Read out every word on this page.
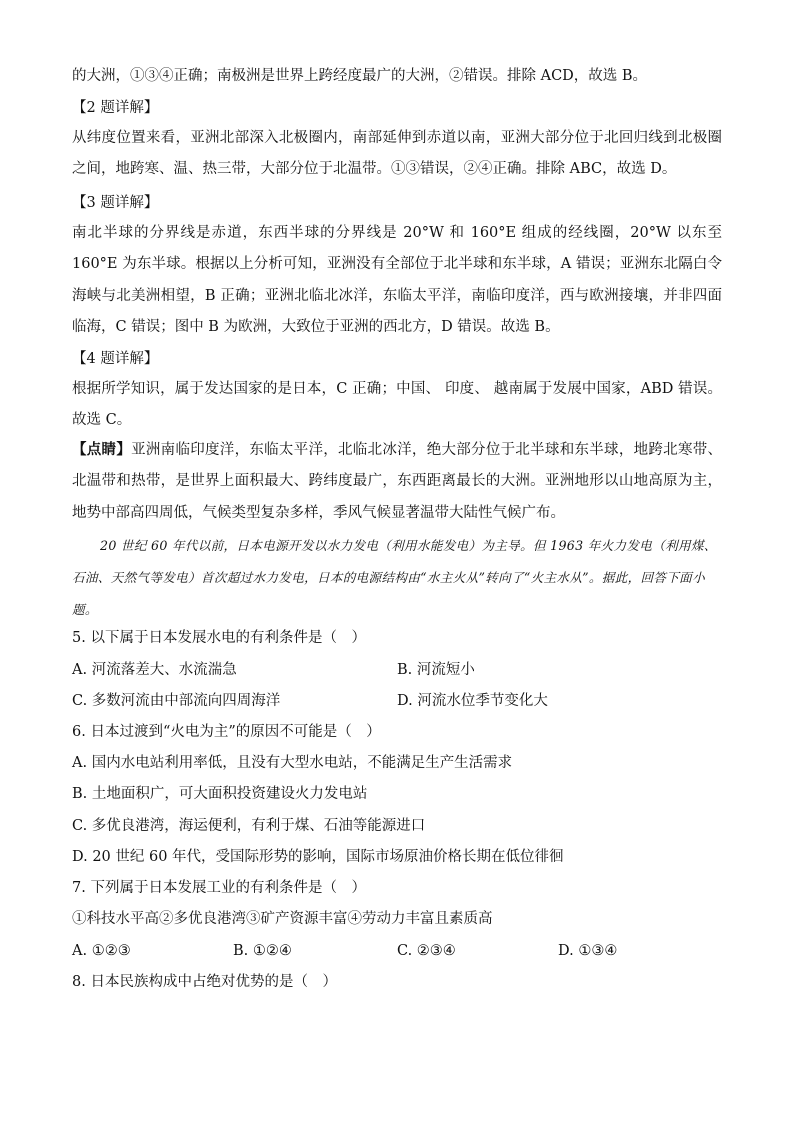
的大洲，①③④正确；南极洲是世界上跨经度最广的大洲，②错误。排除 ACD，故选 B。
【2 题详解】

从纬度位置来看，亚洲北部深入北极圈内，南部延伸到赤道以南，亚洲大部分位于北回归线到北极圈之间，地跨寒、温、热三带，大部分位于北温带。①③错误，②④正确。排除 ABC，故选 D。

【3 题详解】

南北半球的分界线是赤道，东西半球的分界线是 20°W 和 160°E 组成的经线圈，20°W 以东至 160°E 为东半球。根据以上分析可知，亚洲没有全部位于北半球和东半球，A 错误；亚洲东北隔白令海峡与北美洲相望，B 正确；亚洲北临北冰洋，东临太平洋，南临印度洋，西与欧洲接壤，并非四面临海，C 错误；图中 B 为欧洲，大致位于亚洲的西北方，D 错误。故选 B。

【4 题详解】

根据所学知识，属于发达国家的是日本，C 正确；中国、 印度、 越南属于发展中国家，ABD 错误。故选 C。

【点睛】亚洲南临印度洋，东临太平洋，北临北冰洋，绝大部分位于北半球和东半球，地跨北寒带、北温带和热带，是世界上面积最大、跨纬度最广，东西距离最长的大洲。亚洲地形以山地高原为主，地势中部高四周低，气候类型复杂多样，季风气候显著温带大陆性气候广布。

20 世纪 60 年代以前，日本电源开发以水力发电（利用水能发电）为主导。但 1963 年火力发电（利用煤、石油、天然气等发电）首次超过水力发电，日本的电源结构由“水主火从”转向了“火主水从”。据此，回答下面小题。

5. 以下属于日本发展水电的有利条件是（　）
A. 河流落差大、水流湍急	B. 河流短小
C. 多数河流由中部流向四周海洋	D. 河流水位季节变化大
6. 日本过渡到“火电为主”的原因不可能是（　）
A. 国内水电站利用率低，且没有大型水电站，不能满足生产生活需求
B. 土地面积广，可大面积投资建设火力发电站
C. 多优良港湾，海运便利，有利于煤、石油等能源进口
D. 20 世纪 60 年代，受国际形势的影响，国际市场原油价格长期在低位徘徊
7. 下列属于日本发展工业的有利条件是（　）
①科技水平高②多优良港湾③矿产资源丰富④劳动力丰富且素质高
A. ①②③	B. ①②④	C. ②③④	D. ①③④
8. 日本民族构成中占绝对优势的是（　）
